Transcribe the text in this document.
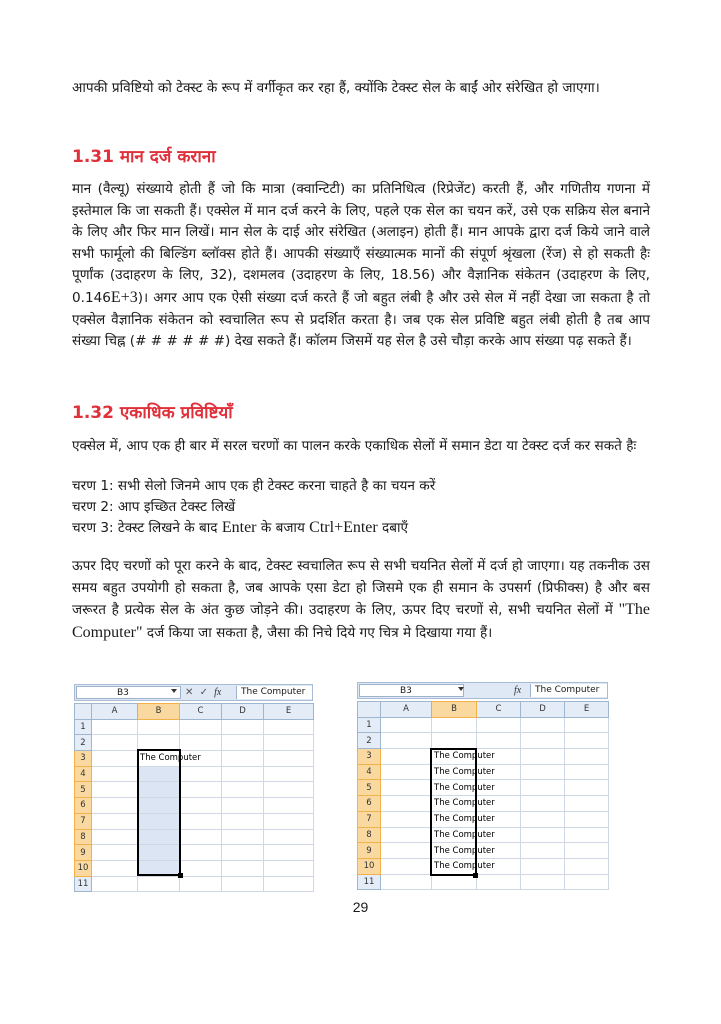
आपकी प्रविष्टियो को टेक्स्ट के रूप में वर्गीकृत कर रहा हैं, क्योंकि टेक्स्ट सेल के बाईं ओर संरेखित हो जाएगा।

1.31 मान दर्ज कराना

मान (वैल्यू) संख्याये होती हैं जो कि मात्रा (क्वान्टिटी) का प्रतिनिधित्व (रिप्रेजेंट) करती हैं, और गणितीय गणना में इस्तेमाल कि जा सकती हैं। एक्सेल में मान दर्ज करने के लिए, पहले एक सेल का चयन करें, उसे एक सक्रिय सेल बनाने के लिए और फिर मान लिखें। मान सेल के दाई ओर संरेखित (अलाइन) होती हैं। मान आपके द्वारा दर्ज किये जाने वाले सभी फार्मूलो की बिल्डिंग ब्लॉक्स होते हैं। आपकी संख्याएँ संख्यात्मक मानों की संपूर्ण श्रृंखला (रेंज) से हो सकती हैः पूर्णांक (उदाहरण के लिए, 32), दशमलव (उदाहरण के लिए, 18.56) और वैज्ञानिक संकेतन (उदाहरण के लिए, 0.146E+3)। अगर आप एक ऐसी संख्या दर्ज करते हैं जो बहुत लंबी है और उसे सेल में नहीं देखा जा सकता है तो एक्सेल वैज्ञानिक संकेतन को स्वचालित रूप से प्रदर्शित करता है। जब एक सेल प्रविष्टि बहुत लंबी होती है तब आप संख्या चिह्न (# # # # # #) देख सकते हैं। कॉलम जिसमें यह सेल है उसे चौड़ा करके आप संख्या पढ़ सकते हैं।

1.32 एकाधिक प्रविष्टियाँ

एक्सेल में, आप एक ही बार में सरल चरणों का पालन करके एकाधिक सेलों में समान डेटा या टेक्स्ट दर्ज कर सकते हैः

चरण 1: सभी सेलो जिनमे आप एक ही टेक्स्ट करना चाहते है का चयन करें
चरण 2: आप इच्छित टेक्स्ट लिखें
चरण 3: टेक्स्ट लिखने के बाद Enter के बजाय Ctrl+Enter दबाएँ

ऊपर दिए चरणों को पूरा करने के बाद, टेक्स्ट स्वचालित रूप से सभी चयनित सेलों में दर्ज हो जाएगा। यह तकनीक उस समय बहुत उपयोगी हो सकता है, जब आपके एसा डेटा हो जिसमे एक ही समान के उपसर्ग (प्रिफीक्स) है और बस जरूरत है प्रत्येक सेल के अंत कुछ जोड़ने की। उदाहरण के लिए, ऊपर दिए चरणों से, सभी चयनित सेलों में "The Computer" दर्ज किया जा सकता है, जैसा की निचे दिये गए चित्र मे दिखाया गया हैं।

B3	✕ ✓ fx	The Computer
	A	B	C	D	E
1					
2					
3		The Computer			
4					
5					
6					
7					
8					
9					
10					
11					
B3	fx	The Computer
	A	B	C	D	E
1					
2					
3		The Computer			
4		The Computer			
5		The Computer			
6		The Computer			
7		The Computer			
8		The Computer			
9		The Computer			
10		The Computer			
11					
29
